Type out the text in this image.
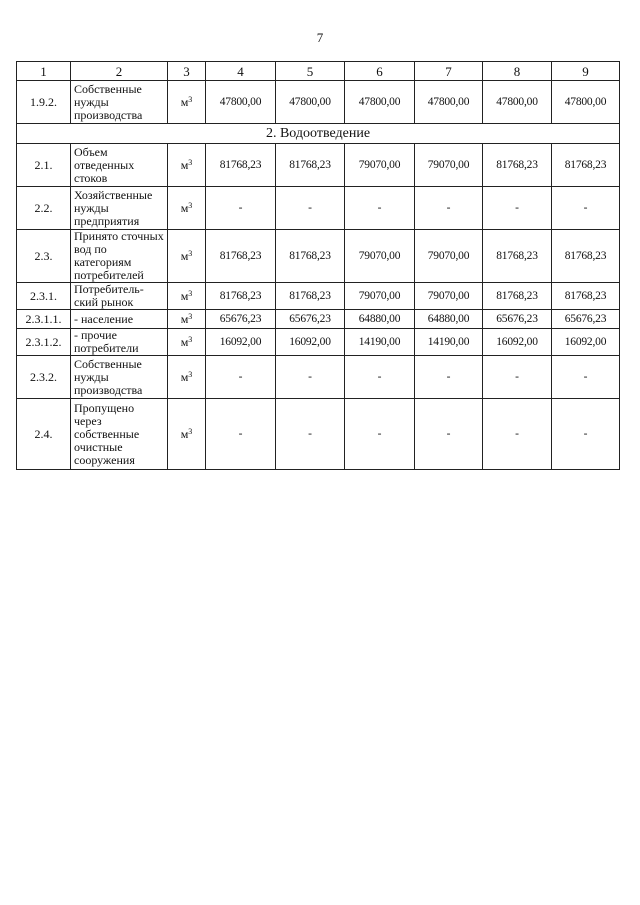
7
1	2	3	4	5	6	7	8	9
1.9.2.	Собственные нужды производства	$м^3$	47800,00	47800,00	47800,00	47800,00	47800,00	47800,00
2. Водоотведение								
2.1.	Объем отведенных стоков	$м^3$	81768,23	81768,23	79070,00	79070,00	81768,23	81768,23
2.2.	Хозяйственные нужды предприятия	$м^3$	-	-	-	-	-	-
2.3.	Принято сточных вод по категориям потребителей	$м^3$	81768,23	81768,23	79070,00	79070,00	81768,23	81768,23
2.3.1.	Потребитель-ский рынок	$м^3$	81768,23	81768,23	79070,00	79070,00	81768,23	81768,23
2.3.1.1.	- население	$м^3$	65676,23	65676,23	64880,00	64880,00	65676,23	65676,23
2.3.1.2.	- прочие потребители	$м^3$	16092,00	16092,00	14190,00	14190,00	16092,00	16092,00
2.3.2.	Собственные нужды производства	$м^3$	-	-	-	-	-	-
2.4.	Пропущено через собственные очистные сооружения	$м^3$	-	-	-	-	-	-
